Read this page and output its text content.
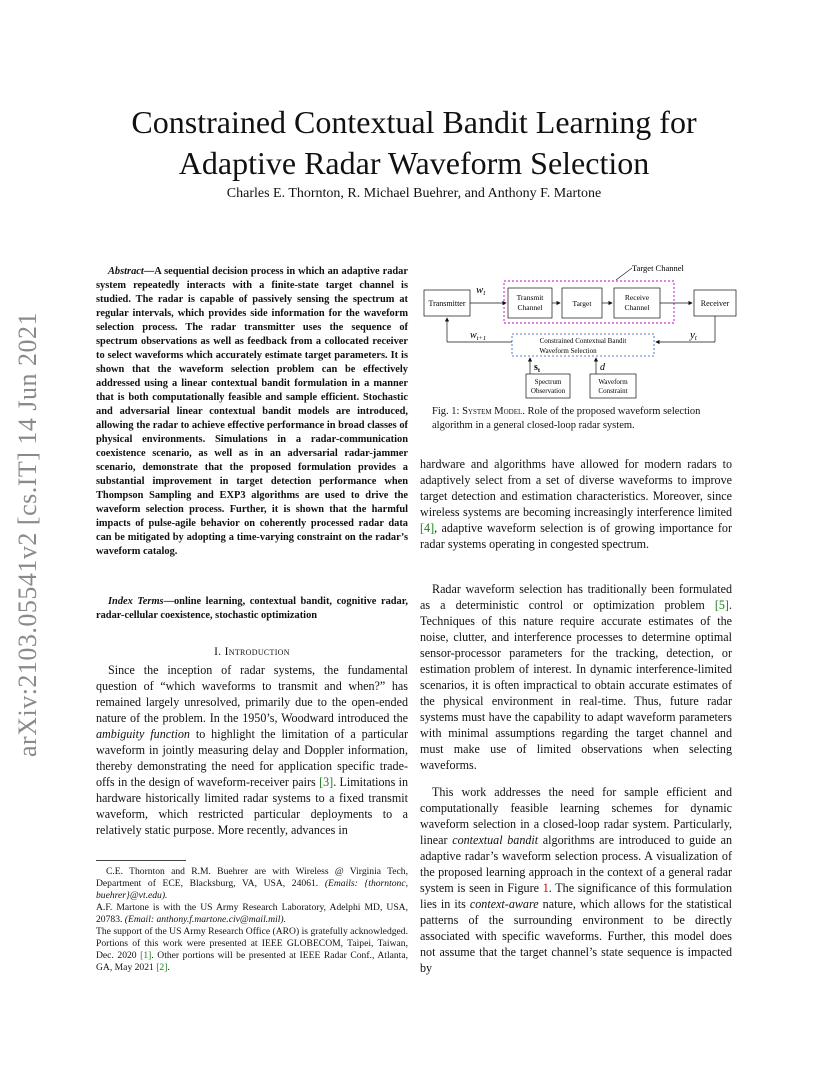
arXiv:2103.05541v2 [cs.IT] 14 Jun 2021
Constrained Contextual Bandit Learning for
Adaptive Radar Waveform Selection
Charles E. Thornton, R. Michael Buehrer, and Anthony F. Martone
Abstract—A sequential decision process in which an adaptive radar system repeatedly interacts with a finite-state target channel is studied. The radar is capable of passively sensing the spectrum at regular intervals, which provides side information for the waveform selection process. The radar transmitter uses the sequence of spectrum observations as well as feedback from a collocated receiver to select waveforms which accurately estimate target parameters. It is shown that the waveform selection problem can be effectively addressed using a linear contextual bandit formulation in a manner that is both computationally feasible and sample efficient. Stochastic and adversarial linear contextual bandit models are introduced, allowing the radar to achieve effective performance in broad classes of physical environments. Simulations in a radar-communication coexistence scenario, as well as in an adversarial radar-jammer scenario, demonstrate that the proposed formulation provides a substantial improvement in target detection performance when Thompson Sampling and EXP3 algorithms are used to drive the waveform selection process. Further, it is shown that the harmful impacts of pulse-agile behavior on coherently processed radar data can be mitigated by adopting a time-varying constraint on the radar’s waveform catalog.
Index Terms—online learning, contextual bandit, cognitive radar, radar-cellular coexistence, stochastic optimization
I. Introduction
Since the inception of radar systems, the fundamental question of “which waveforms to transmit and when?” has remained largely unresolved, primarily due to the open-ended nature of the problem. In the 1950’s, Woodward introduced the ambiguity function to highlight the limitation of a particular waveform in jointly measuring delay and Doppler information, thereby demonstrating the need for application specific trade-offs in the design of waveform-receiver pairs [3]. Limitations in hardware historically limited radar systems to a fixed transmit waveform, which restricted particular deployments to a relatively static purpose. More recently, advances in

C.E. Thornton and R.M. Buehrer are with Wireless @ Virginia Tech, Department of ECE, Blacksburg, VA, USA, 24061. (Emails: {thorntonc, buehrer}@vt.edu).

A.F. Martone is with the US Army Research Laboratory, Adelphi MD, USA, 20783. (Email: anthony.f.martone.civ@mail.mil).

The support of the US Army Research Office (ARO) is gratefully acknowledged. Portions of this work were presented at IEEE GLOBECOM, Taipei, Taiwan, Dec. 2020 [1]. Other portions will be presented at IEEE Radar Conf., Atlanta, GA, May 2021 [2].

Target Channel
Transmitter
Transmit
Channel	Target
Receive
Channel	Receiver
wt
yt
Constrained Contextual Bandit
Waveform Selection
$w_{t+1}$
Spectrum
Observation
Waveform
Constraint
$s_t$	d
Fig. 1: System Model. Role of the proposed waveform selection algorithm in a general closed-loop radar system.
hardware and algorithms have allowed for modern radars to adaptively select from a set of diverse waveforms to improve target detection and estimation characteristics. Moreover, since wireless systems are becoming increasingly interference limited [4], adaptive waveform selection is of growing importance for radar systems operating in congested spectrum.
Radar waveform selection has traditionally been formulated as a deterministic control or optimization problem [5]. Techniques of this nature require accurate estimates of the noise, clutter, and interference processes to determine optimal sensor-processor parameters for the tracking, detection, or estimation problem of interest. In dynamic interference-limited scenarios, it is often impractical to obtain accurate estimates of the physical environment in real-time. Thus, future radar systems must have the capability to adapt waveform parameters with minimal assumptions regarding the target channel and must make use of limited observations when selecting waveforms.
This work addresses the need for sample efficient and computationally feasible learning schemes for dynamic waveform selection in a closed-loop radar system. Particularly, linear contextual bandit algorithms are introduced to guide an adaptive radar’s waveform selection process. A visualization of the proposed learning approach in the context of a general radar system is seen in Figure 1. The significance of this formulation lies in its context-aware nature, which allows for the statistical patterns of the surrounding environment to be directly associated with specific waveforms. Further, this model does not assume that the target channel’s state sequence is impacted by
